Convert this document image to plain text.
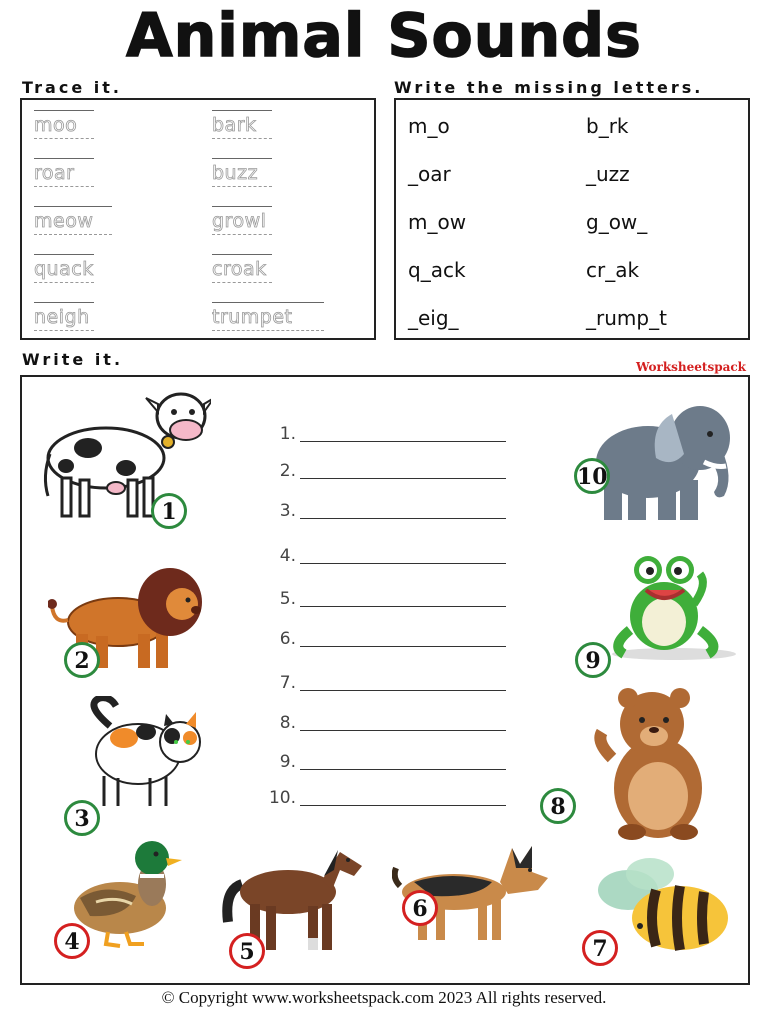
Animal Sounds
Trace it.
moo	bark
roar	buzz
meow	growl
quack	croak
neigh	trumpet
Write the missing letters.
m_o	b_rk
_oar	_uzz
m_ow	g_ow_
q_ack	cr_ak
_eig_	_rump_t
Write it.	Worksheetspack
1.
2.
3.
4.
5.
6.
7.
8.
9.
10.
1
2
3
4	5
6
7
8
9
10
© Copyright www.worksheetspack.com 2023 All rights reserved.
